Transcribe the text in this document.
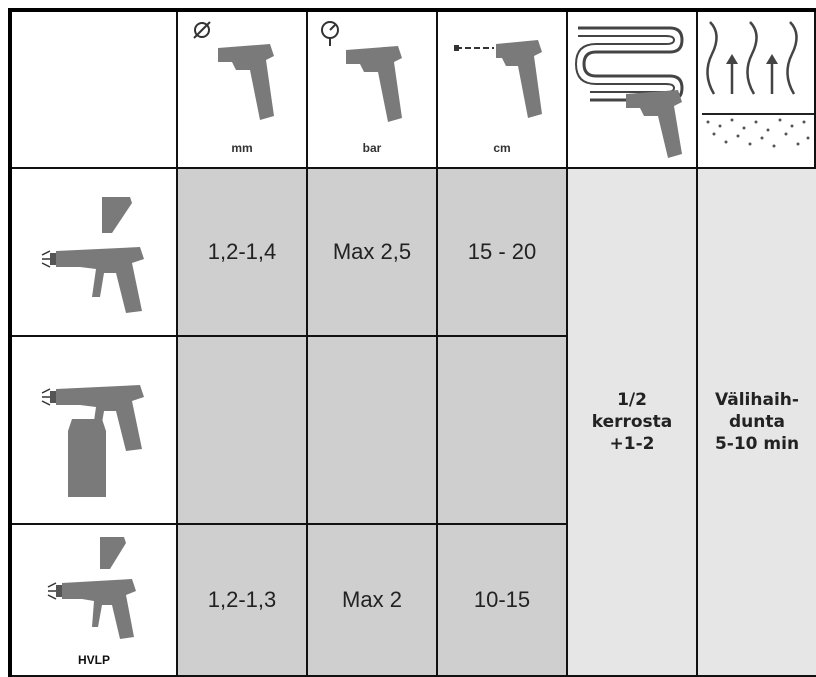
mm	bar	cm
1,2-1,4	Max 2,5	15 - 20
HVLP
1,2-1,3	Max 2	10-15
1/2
kerrosta
+1-2
Välihaih-
dunta
5-10 min
